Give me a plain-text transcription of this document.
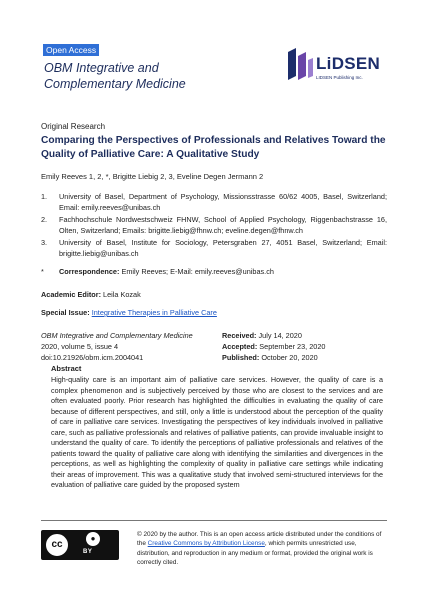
Open Access
OBM Integrative and
Complementary Medicine
LiDSEN
LIDSEN Publishing Inc.
Original Research
Comparing the Perspectives of Professionals and Relatives Toward the Quality of Palliative Care: A Qualitative Study
Emily Reeves 1, 2, *, Brigitte Liebig 2, 3, Eveline Degen Jermann 2
1. University of Basel, Department of Psychology, Missionsstrasse 60/62 4005, Basel, Switzerland; Email: emily.reeves@unibas.ch
2. Fachhochschule Nordwestschweiz FHNW, School of Applied Psychology, Riggenbachstrasse 16, Olten, Switzerland; Emails: brigitte.liebig@fhnw.ch; eveline.degen@fhnw.ch
3. University of Basel, Institute for Sociology, Petersgraben 27, 4051 Basel, Switzerland; Email: brigitte.liebig@unibas.ch
* Correspondence: Emily Reeves; E-Mail: emily.reeves@unibas.ch
Academic Editor: Leila Kozak
Special Issue: Integrative Therapies in Palliative Care
OBM Integrative and Complementary Medicine
2020, volume 5, issue 4
doi:10.21926/obm.icm.2004041
Received: July 14, 2020
Accepted: September 23, 2020
Published: October 20, 2020
Abstract

High-quality care is an important aim of palliative care services. However, the quality of care is a complex phenomenon and is subjectively perceived by those who are closest to the services and are often evaluated poorly. Prior research has highlighted the difficulties in evaluating the quality of care because of different perspectives, and still, only a little is understood about the perception of the quality of care in palliative care services. Investigating the perspectives of key individuals involved in palliative care, such as palliative professionals and relatives of palliative patients, can provide invaluable insight to understand the quality of care. To identify the perceptions of palliative professionals and relatives of the patients toward the quality of palliative care along with identifying the similarities and divergences in the perceptions, as well as highlighting the complexity of quality in palliative care settings while indicating their areas of improvement. This was a qualitative study that involved semi-structured interviews for the evaluation of palliative care guided by the proposed system

cc
●
BY
© 2020 by the author. This is an open access article distributed under the conditions of the Creative Commons by Attribution License, which permits unrestricted use, distribution, and reproduction in any medium or format, provided the original work is correctly cited.
